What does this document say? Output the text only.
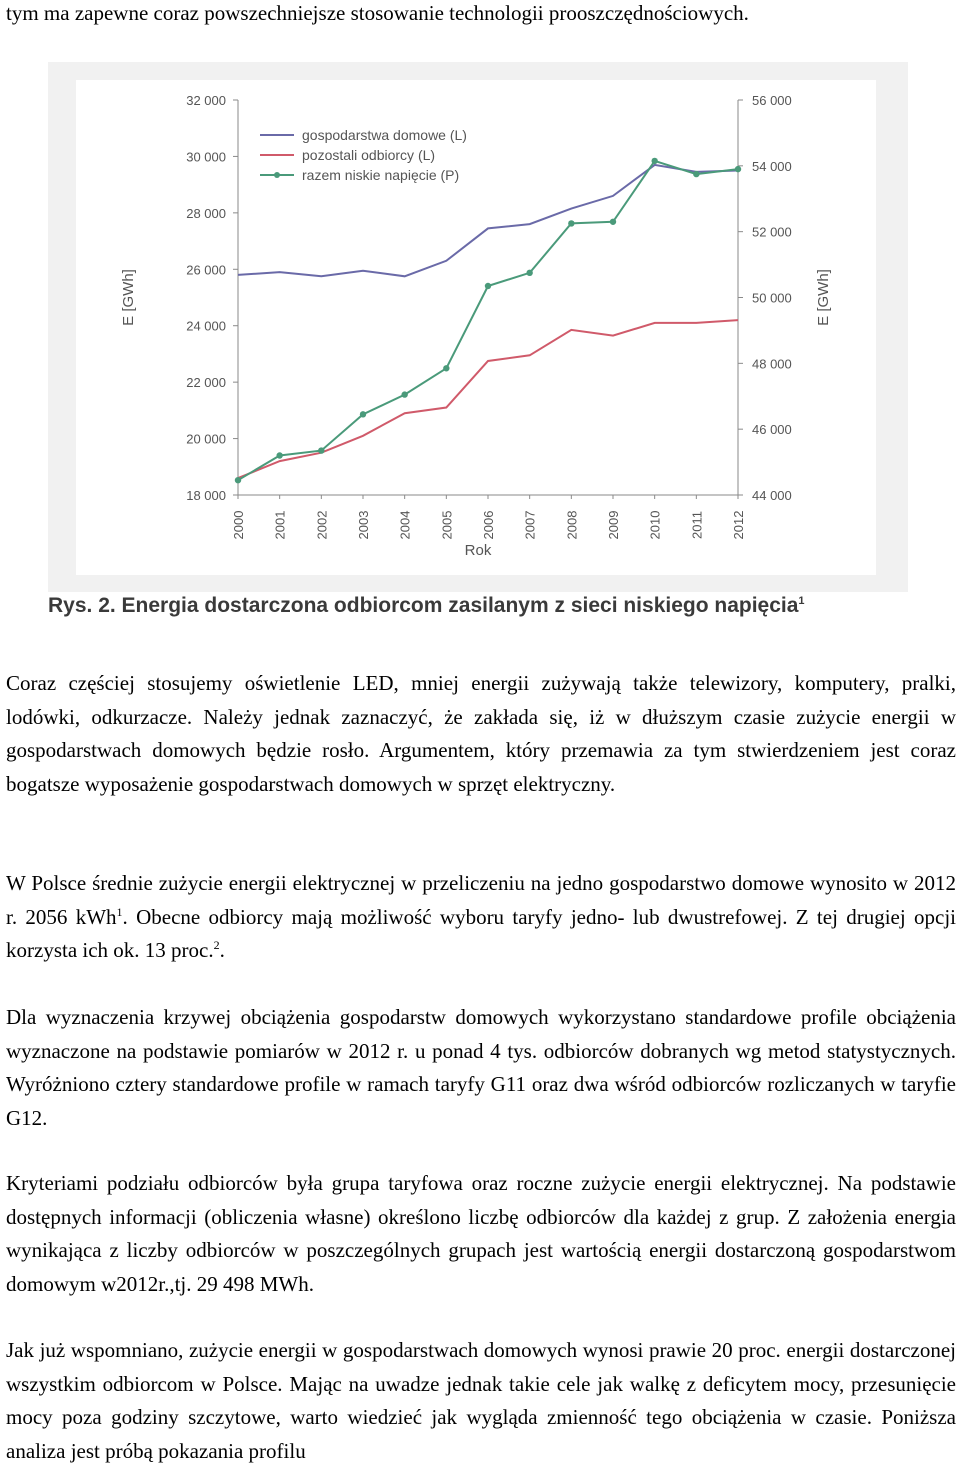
tym ma zapewne coraz powszechniejsze stosowanie technologii prooszczędnościowych.
18 000
20 000
22 000
24 000
26 000
28 000
30 000
32 000
44 000
46 000
48 000
50 000
52 000
54 000
56 000
2000 2001 2002 2003 2004 2005 2006 2007 2008 2009 2010 2011 2012
Rok
E [GWh]	E [GWh]
gospodarstwa domowe (L)
pozostali odbiorcy (L)
razem niskie napięcie (P)
Rys. 2. Energia dostarczona odbiorcom zasilanym z sieci niskiego napięcia$^1$
Coraz częściej stosujemy oświetlenie LED, mniej energii zużywają także telewizory, komputery, pralki, lodówki, odkurzacze. Należy jednak zaznaczyć, że zakłada się, iż w dłuższym czasie zużycie energii w gospodarstwach domowych będzie rosło. Argumentem, który przemawia za tym stwierdzeniem jest coraz bogatsze wyposażenie gospodarstwach domowych w sprzęt elektryczny.
W Polsce średnie zużycie energii elektrycznej w przeliczeniu na jedno gospodarstwo domowe wynosito w 2012 r. 2056 kWh$^1$. Obecne odbiorcy mają możliwość wyboru taryfy jedno- lub dwustrefowej. Z tej drugiej opcji korzysta ich ok. 13 proc.$^2$.
Dla wyznaczenia krzywej obciążenia gospodarstw domowych wykorzystano standardowe profile obciążenia wyznaczone na podstawie pomiarów w 2012 r. u ponad 4 tys. odbiorców dobranych wg metod statystycznych. Wyróżniono cztery standardowe profile w ramach taryfy G11 oraz dwa wśród odbiorców rozliczanych w taryfie G12.
Kryteriami podziału odbiorców była grupa taryfowa oraz roczne zużycie energii elektrycznej. Na podstawie dostępnych informacji (obliczenia własne) określono liczbę odbiorców dla każdej z grup. Z założenia energia wynikająca z liczby odbiorców w poszczególnych grupach jest wartością energii dostarczoną gospodarstwom domowym w2012r.,tj. 29 498 MWh.
Jak już wspomniano, zużycie energii w gospodarstwach domowych wynosi prawie 20 proc. energii dostarczonej wszystkim odbiorcom w Polsce. Mając na uwadze jednak takie cele jak walkę z deficytem mocy, przesunięcie mocy poza godziny szczytowe, warto wiedzieć jak wygląda zmienność tego obciążenia w czasie. Poniższa analiza jest próbą pokazania profilu
